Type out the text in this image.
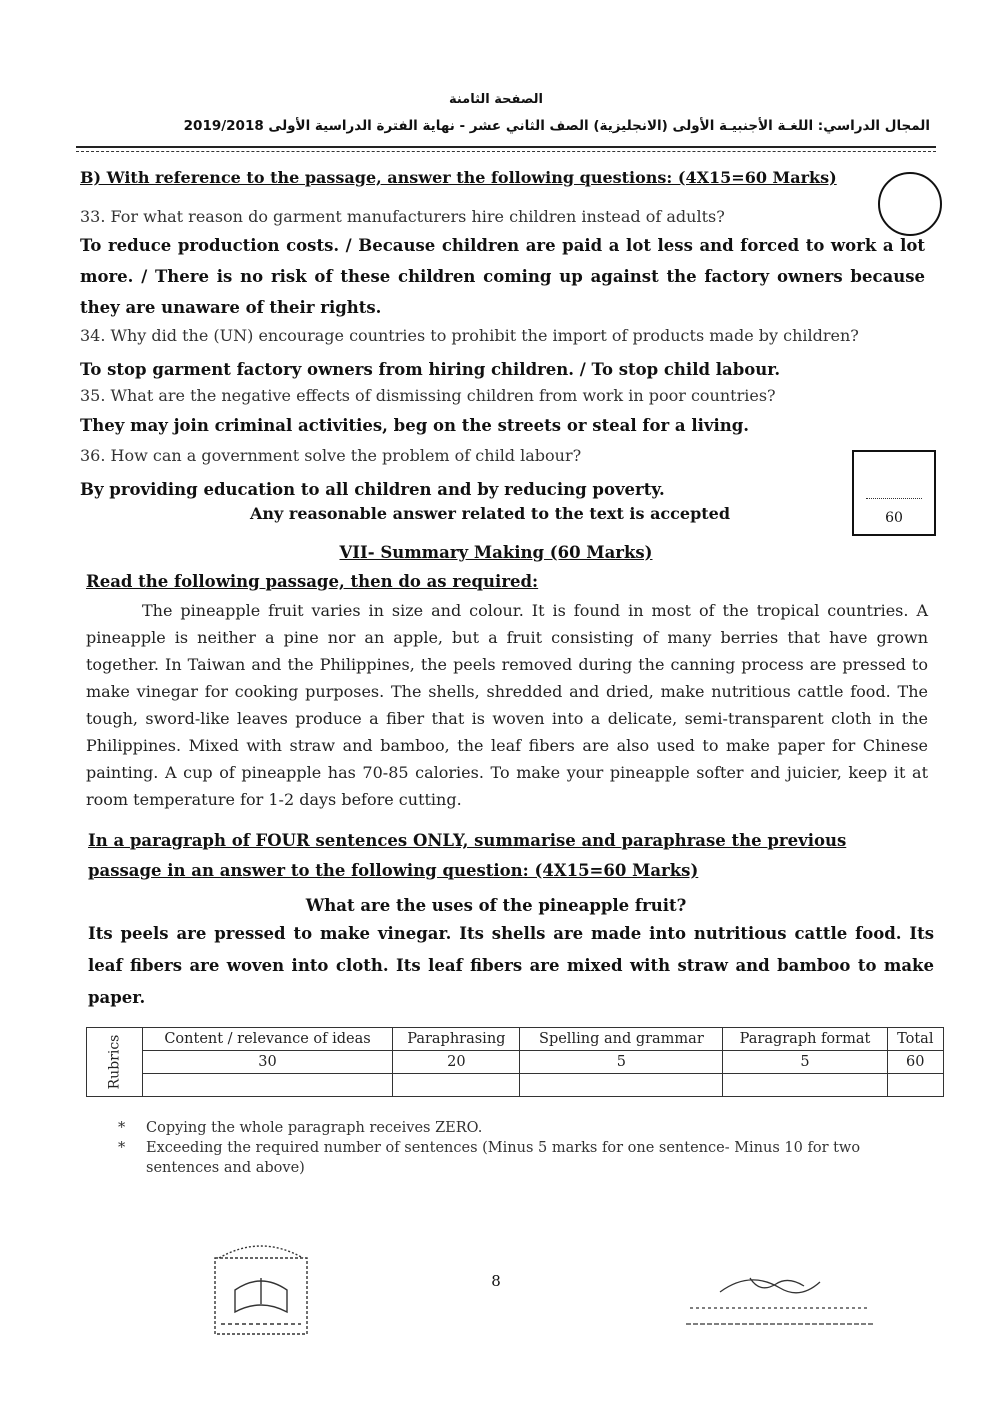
الصفحة الثامنة
المجال الدراسي: اللغـة الأجنبيـة الأولى (الانجليزية) الصف الثاني عشر - نهاية الفترة الدراسية الأولى 2019/2018
B) With reference to the passage, answer the following questions: (4X15=60 Marks)
33. For what reason do garment manufacturers hire children instead of adults?
To reduce production costs. / Because children are paid a lot less and forced to work a lot more. / There is no risk of these children coming up against the factory owners because they are unaware of their rights.
34. Why did the (UN) encourage countries to prohibit the import of products made by children?
To stop garment factory owners from hiring children. / To stop child labour.
35. What are the negative effects of dismissing children from work in poor countries?
They may join criminal activities, beg on the streets or steal for a living.
36. How can a government solve the problem of child labour?
By providing education to all children and by reducing poverty.
Any reasonable answer related to the text is accepted	60
VII- Summary Making (60 Marks)
Read the following passage, then do as required:
The pineapple fruit varies in size and colour. It is found in most of the tropical countries. A pineapple is neither a pine nor an apple, but a fruit consisting of many berries that have grown together. In Taiwan and the Philippines, the peels removed during the canning process are pressed to make vinegar for cooking purposes. The shells, shredded and dried, make nutritious cattle food. The tough, sword-like leaves produce a fiber that is woven into a delicate, semi-transparent cloth in the Philippines. Mixed with straw and bamboo, the leaf fibers are also used to make paper for Chinese painting. A cup of pineapple has 70-85 calories. To make your pineapple softer and juicier, keep it at room temperature for 1-2 days before cutting.
In a paragraph of FOUR sentences ONLY, summarise and paraphrase the previous passage in an answer to the following question: (4X15=60 Marks)
What are the uses of the pineapple fruit?
Its peels are pressed to make vinegar. Its shells are made into nutritious cattle food. Its leaf fibers are woven into cloth. Its leaf fibers are mixed with straw and bamboo to make paper.
Rubrics	Content / relevance of ideas	Paraphrasing	Spelling and grammar	Paragraph format	Total
	30	20	5	5	60

* Copying the whole paragraph receives ZERO.
* Exceeding the required number of sentences (Minus 5 marks for one sentence- Minus 10 for two sentences and above)
8
